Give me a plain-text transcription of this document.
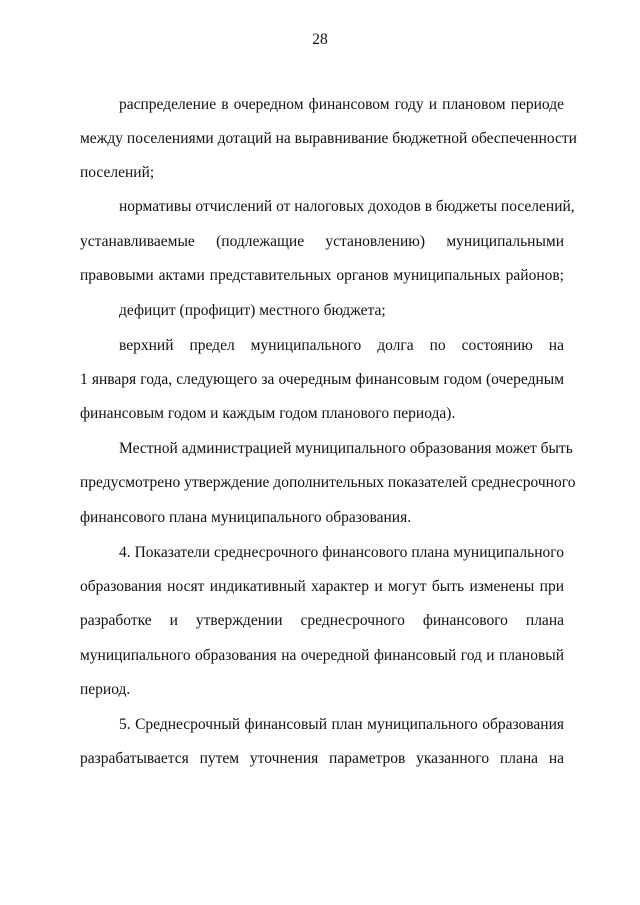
28
распределение в очередном финансовом году и плановом периоде
между поселениями дотаций на выравнивание бюджетной обеспеченности
поселений;
нормативы отчислений от налоговых доходов в бюджеты поселений,
устанавливаемые (подлежащие установлению) муниципальными
правовыми актами представительных органов муниципальных районов;
дефицит (профицит) местного бюджета;
верхний предел муниципального долга по состоянию на
1 января года, следующего за очередным финансовым годом (очередным
финансовым годом и каждым годом планового периода).
Местной администрацией муниципального образования может быть
предусмотрено утверждение дополнительных показателей среднесрочного
финансового плана муниципального образования.
4. Показатели среднесрочного финансового плана муниципального
образования носят индикативный характер и могут быть изменены при
разработке и утверждении среднесрочного финансового плана
муниципального образования на очередной финансовый год и плановый
период.
5. Среднесрочный финансовый план муниципального образования
разрабатывается путем уточнения параметров указанного плана на
